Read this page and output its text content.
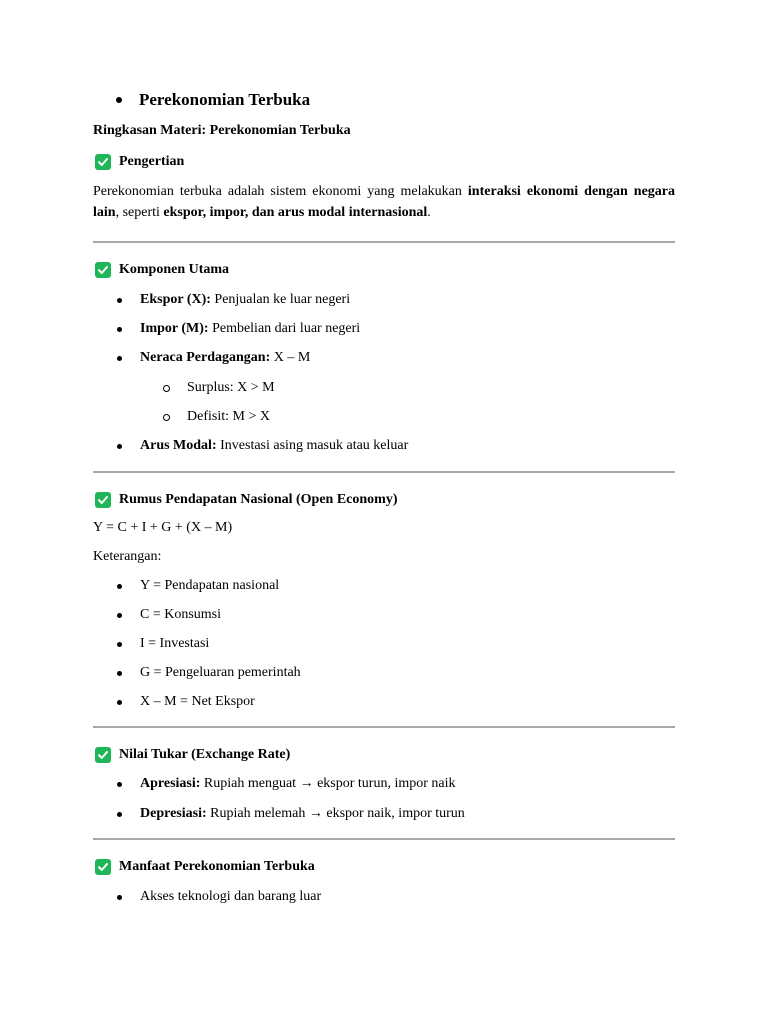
Perekonomian Terbuka
Ringkasan Materi: Perekonomian Terbuka
Pengertian

Perekonomian terbuka adalah sistem ekonomi yang melakukan interaksi ekonomi dengan negara lain, seperti ekspor, impor, dan arus modal internasional.

Komponen Utama
Ekspor (X): Penjualan ke luar negeri
Impor (M): Pembelian dari luar negeri
Neraca Perdagangan: X – M
Surplus: X > M
Defisit: M > X
Arus Modal: Investasi asing masuk atau keluar
Rumus Pendapatan Nasional (Open Economy)
Y = C + I + G + (X – M)
Keterangan:
Y = Pendapatan nasional
C = Konsumsi
I = Investasi
G = Pengeluaran pemerintah
X – M = Net Ekspor
Nilai Tukar (Exchange Rate)
Apresiasi: Rupiah menguat → ekspor turun, impor naik
Depresiasi: Rupiah melemah → ekspor naik, impor turun
Manfaat Perekonomian Terbuka
Akses teknologi dan barang luar
